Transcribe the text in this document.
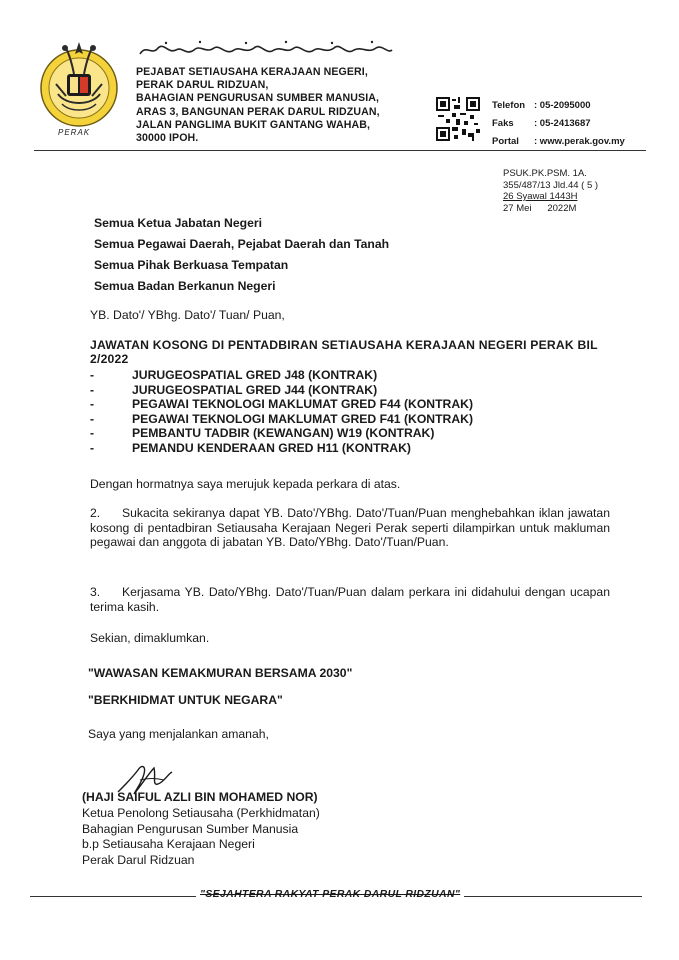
PERAK
PEJABAT SETIAUSAHA KERAJAAN NEGERI,
PERAK DARUL RIDZUAN,
BAHAGIAN PENGURUSAN SUMBER MANUSIA,
ARAS 3, BANGUNAN PERAK DARUL RIDZUAN,
JALAN PANGLIMA BUKIT GANTANG WAHAB,
30000 IPOH.
Telefon : 05-2095000
Faks	: 05-2413687
Portal	: www.perak.gov.my
PSUK.PK.PSM. 1A.
355/487/13 Jld.44 ( 5 )
26 Syawal 1443H
27 Mei      2022M
Semua Ketua Jabatan Negeri
Semua Pegawai Daerah, Pejabat Daerah dan Tanah
Semua Pihak Berkuasa Tempatan
Semua Badan Berkanun Negeri
YB. Dato'/ YBhg. Dato'/ Tuan/ Puan,
JAWATAN KOSONG DI PENTADBIRAN SETIAUSAHA KERAJAAN NEGERI PERAK BIL 2/2022
-	JURUGEOSPATIAL GRED J48 (KONTRAK)
-	JURUGEOSPATIAL GRED J44 (KONTRAK)
-	PEGAWAI TEKNOLOGI MAKLUMAT GRED F44 (KONTRAK)
-	PEGAWAI TEKNOLOGI MAKLUMAT GRED F41 (KONTRAK)
-	PEMBANTU TADBIR (KEWANGAN) W19 (KONTRAK)
-	PEMANDU KENDERAAN GRED H11 (KONTRAK)
Dengan hormatnya saya merujuk kepada perkara di atas.
2. Sukacita sekiranya dapat YB. Dato'/YBhg. Dato'/Tuan/Puan menghebahkan iklan jawatan kosong di pentadbiran Setiausaha Kerajaan Negeri Perak seperti dilampirkan untuk makluman pegawai dan anggota di jabatan YB. Dato/YBhg. Dato'/Tuan/Puan.
3. Kerjasama YB. Dato/YBhg. Dato'/Tuan/Puan dalam perkara ini didahului dengan ucapan terima kasih.
Sekian, dimaklumkan.
"WAWASAN KEMAKMURAN BERSAMA 2030"
"BERKHIDMAT UNTUK NEGARA"
Saya yang menjalankan amanah,
(HAJI SAIFUL AZLI BIN MOHAMED NOR)
Ketua Penolong Setiausaha (Perkhidmatan)
Bahagian Pengurusan Sumber Manusia
b.p Setiausaha Kerajaan Negeri
Perak Darul Ridzuan
"SEJAHTERA RAKYAT PERAK DARUL RIDZUAN"
